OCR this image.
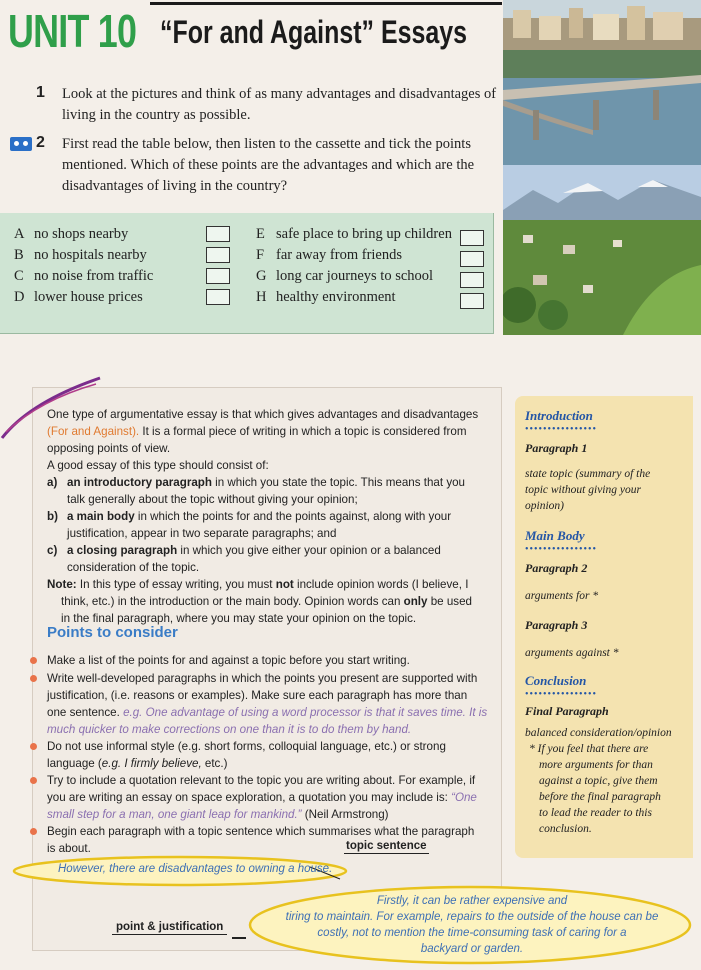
UNIT 10 “For and Against” Essays
1 Look at the pictures and think of as many advantages and disadvantages of living in the country as possible.
2 First read the table below, then listen to the cassette and tick the points mentioned. Which of these points are the advantages and which are the disadvantages of living in the country?
A no shops nearby
B no hospitals nearby
C no noise from traffic
D lower house prices
E safe place to bring up children
F far away from friends
G long car journeys to school
H healthy environment
One type of argumentative essay is that which gives advantages and disadvantages
(For and Against). It is a formal piece of writing in which a topic is considered from
opposing points of view.
A good essay of this type should consist of:
a) an introductory paragraph in which you state the topic. This means that you
talk generally about the topic without giving your opinion;
b) a main body in which the points for and the points against, along with your
justification, appear in two separate paragraphs; and
c) a closing paragraph in which you give either your opinion or a balanced
consideration of the topic.
Note: In this type of essay writing, you must not include opinion words (I believe, I
think, etc.) in the introduction or the main body. Opinion words can only be used
in the final paragraph, where you may state your opinion on the topic.
Points to consider
Make a list of the points for and against a topic before you start writing.
Write well-developed paragraphs in which the points you present are supported with
justification, (i.e. reasons or examples). Make sure each paragraph has more than
one sentence. e.g. One advantage of using a word processor is that it saves time. It is
much quicker to make corrections on one than it is to do them by hand.
Do not use informal style (e.g. short forms, colloquial language, etc.) or strong
language (e.g. I firmly believe, etc.)
Try to include a quotation relevant to the topic you are writing about. For example, if
you are writing an essay on space exploration, a quotation you may include is: “One
small step for a man, one giant leap for mankind.” (Neil Armstrong)
Begin each paragraph with a topic sentence which summarises what the paragraph
is about.	topic sentence
However, there are disadvantages to owning a house.
Firstly, it can be rather expensive and
tiring to maintain. For example, repairs to the outside of the house can be
costly, not to mention the time-consuming task of caring for a
backyard or garden.
point & justification
Introduction
••••••••••••••••
Paragraph 1
state topic (summary of the
topic without giving your
opinion)
Main Body
••••••••••••••••
Paragraph 2
arguments for *
Paragraph 3
arguments against *
Conclusion
••••••••••••••••
Final Paragraph
balanced consideration/opinion
* If you feel that there are
more arguments for than
against a topic, give them
before the final paragraph
to lead the reader to this
conclusion.
